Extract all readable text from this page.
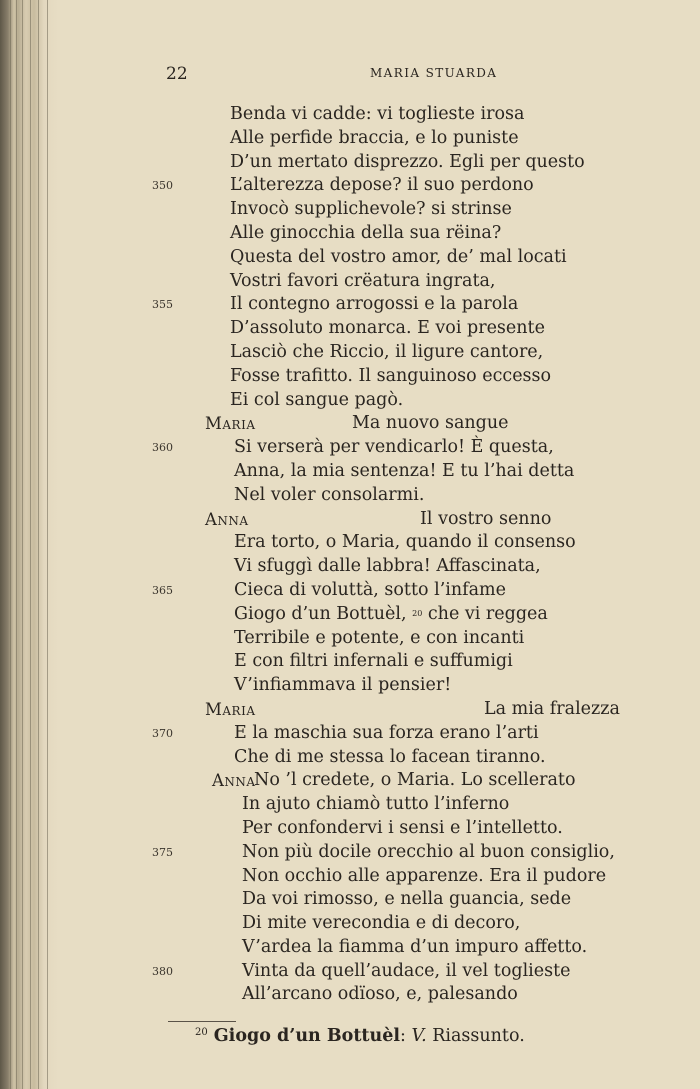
22	MARIA STUARDA
Benda vi cadde: vi toglieste irosa
Alle perfide braccia, e lo puniste
D’un mertato disprezzo. Egli per questo
350	L’alterezza depose? il suo perdono
Invocò supplichevole? si strinse
Alle ginocchia della sua rëina?
Questa del vostro amor, de’ mal locati
Vostri favori crëatura ingrata,
355	Il contegno arrogossi e la parola
D’assoluto monarca. E voi presente
Lasciò che Riccio, il ligure cantore,
Fosse trafitto. Il sanguinoso eccesso
Ei col sangue pagò.
Maria	Ma nuovo sangue
360	Si verserà per vendicarlo! È questa,
Anna, la mia sentenza! E tu l’hai detta
Nel voler consolarmi.
Anna	Il vostro senno
Era torto, o Maria, quando il consenso
Vi sfuggì dalle labbra! Affascinata,
365	Cieca di voluttà, sotto l’infame
Giogo d’un Bottuèl, $^{20}$ che vi reggea
Terribile e potente, e con incanti
E con filtri infernali e suffumigi
V’infiammava il pensier!
Maria	La mia fralezza
370	E la maschia sua forza erano l’arti
Che di me stessa lo facean tiranno.
Anna
No ’l credete, o Maria. Lo scellerato
In ajuto chiamò tutto l’inferno
Per confondervi i sensi e l’intelletto.
375	Non più docile orecchio al buon consiglio,
Non occhio alle apparenze. Era il pudore
Da voi rimosso, e nella guancia, sede
Di mite verecondia e di decoro,
V’ardea la fiamma d’un impuro affetto.
380	Vinta da quell’audace, il vel toglieste
All’arcano odïoso, e, palesando
$^{20}$ Giogo d’un Bottuèl: V. Riassunto.
